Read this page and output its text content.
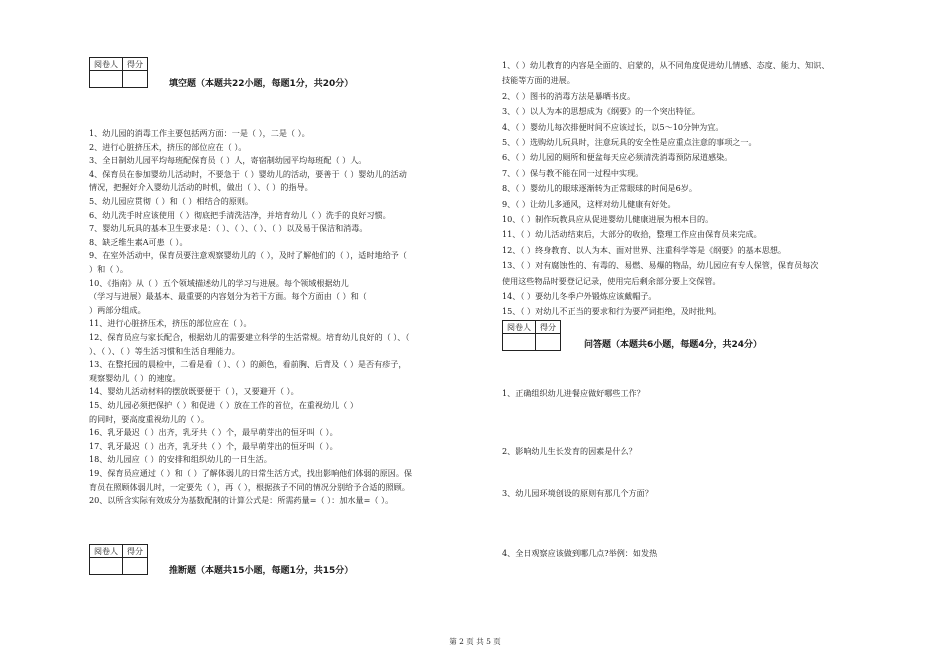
阅卷人	得分

填空题（本题共22小题，每题1分，共20分）
1、幼儿园的消毒工作主要包括两方面：一是（ ），二是（ ）。
2、进行心脏挤压术，挤压的部位应在（ ）。
3、全日制幼儿园平均每班配保育员（ ）人，寄宿制幼园平均每班配（ ）人。
4、保育员在参加婴幼儿活动时，不要急于（ ）婴幼儿的活动，要善于（ ）婴幼儿的活动
情况，把握好介入婴幼儿活动的时机，做出（ ）、（ ）的指导。
5、幼儿园应贯彻（ ）和（ ）相结合的原则。
6、幼儿洗手时应该使用（ ）彻底把手清洗洁净，并培育幼儿（ ）洗手的良好习惯。
7、婴幼儿玩具的基本卫生要求是：（ ）、（ ）、（ ）、（ ）以及易于保洁和消毒。
8、缺乏维生素A可患（ ）。
9、在室外活动中，保育员要注意观察婴幼儿的（ ），及时了解他们的（ ），适时地给予（
）和（ ）。
10、《指南》从（ ）五个领域描述幼儿的学习与进展。每个领域根据幼儿
（学习与进展）最基本、最重要的内容划分为若干方面。每个方面由（ ）和（
）两部分组成。
11、进行心脏挤压术，挤压的部位应在（ ）。
12、保育员应与家长配合，根据幼儿的需要建立科学的生活常规。培育幼儿良好的（ ）、（
）、（ ）、（ ）等生活习惯和生活自理能力。
13、在整托园的晨检中，二看是看（ ）、（ ）的颜色，看前胸、后背及（ ）是否有疹子，
观察婴幼儿（ ）的速度。
14、婴幼儿活动材料的摆放既要便于（ ），又要避开（ ）。
15、幼儿园必须把保护（ ）和促进（ ）放在工作的首位，在重视幼儿（ ）
的同时，要高度重视幼儿的（ ）。
16、乳牙最迟（ ）出齐，乳牙共（ ）个，最早萌芽出的恒牙叫（ ）。
17、乳牙最迟（ ）出齐，乳牙共（ ）个，最早萌芽出的恒牙叫（ ）。
18、幼儿园应（ ）的安排和组织幼儿的一日生活。
19、保育员应通过（ ）和（ ）了解体弱儿的日常生活方式，找出影响他们体弱的原因。保
育员在照顾体弱儿时，一定要先（ ），再（ ），根据孩子不同的情况分别给予合适的照顾。
20、以所含实际有效成分为基数配制的计算公式是：所需药量=（ ）：加水量=（ ）。
阅卷人	得分

推断题（本题共15小题，每题1分，共15分）
1、（ ）幼儿教育的内容是全面的、启蒙的，从不同角度促进幼儿情感、态度、能力、知识、
技能等方面的进展。
2、（ ）图书的消毒方法是暴晒书皮。
3、（ ）以人为本的思想成为《纲要》的一个突出特征。
4、（ ）婴幼儿每次排便时间不应该过长，以5～10分钟为宜。
5、（ ）选购幼儿玩具时，注意玩具的安全性是应重点注意的事项之一。
6、（ ）幼儿园的厕所和便盆每天应必须清洗消毒预防尿道感染。
7、（ ）保与教不能在同一过程中实现。
8、（ ）婴幼儿的眼球逐渐转为正常眼球的时间是6岁。
9、（ ）让幼儿多通风，这样对幼儿健康有好处。
10、（ ）制作玩教具应从促进婴幼儿健康进展为根本目的。
11、（ ）幼儿活动结束后，大部分的收拾，整理工作应由保育员来完成。
12、（ ）终身教育、以人为本、面对世界、注重科学等是《纲要》的基本思想。
13、（ ）对有腐蚀性的、有毒的、易燃、易爆的物品，幼儿园应有专人保管，保育员每次
使用这些物品时要登记记录，使用完后剩余部分要上交保管。
14、（ ）要幼儿冬季户外锻炼应该戴帽子。
15、（ ）对幼儿不正当的要求和行为要严词拒绝，及时批判。
阅卷人	得分

问答题（本题共6小题，每题4分，共24分）
1、正确组织幼儿进餐应做好哪些工作？
2、影响幼儿生长发育的因素是什么？
3、幼儿园环境创设的原则有那几个方面？
4、全日观察应该做到哪几点?举例：如发热
第 2 页 共 5 页
